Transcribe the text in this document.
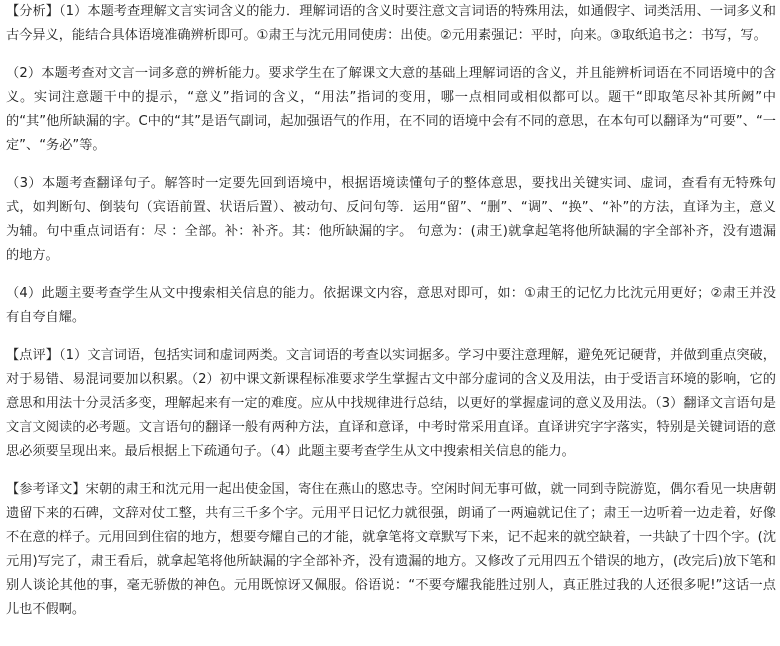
【分析】（1）本题考查理解文言实词含义的能力．理解词语的含义时要注意文言词语的特殊用法，如通假字、词类活用、一词多义和古今异义，能结合具体语境准确辨析即可。①肃王与沈元用同使虏：出使。②元用素强记：平时，向来。③取纸追书之：书写，写。

（2）本题考查对文言一词多意的辨析能力。要求学生在了解课文大意的基础上理解词语的含义，并且能辨析词语在不同语境中的含义。实词注意题干中的提示，“意义”指词的含义，“用法”指词的变用，哪一点相同或相似都可以。题干“即取笔尽补其所阙”中的“其”他所缺漏的字。C中的“其”是语气副词，起加强语气的作用，在不同的语境中会有不同的意思，在本句可以翻译为“可要”、“一定”、“务必”等。

（3）本题考查翻译句子。解答时一定要先回到语境中，根据语境读懂句子的整体意思，要找出关键实词、虚词，查看有无特殊句式，如判断句、倒装句（宾语前置、状语后置）、被动句、反问句等．运用“留”、“删”、“调”、“换”、“补”的方法，直译为主，意义为辅。句中重点词语有：尽 ：全部。补：补齐。其：他所缺漏的字。 句意为：(肃王)就拿起笔将他所缺漏的字全部补齐，没有遗漏的地方。

（4）此题主要考查学生从文中搜索相关信息的能力。依据课文内容，意思对即可，如：①肃王的记忆力比沈元用更好；②肃王并没有自夸自耀。

【点评】（1）文言词语，包括实词和虚词两类。文言词语的考查以实词据多。学习中要注意理解，避免死记硬背，并做到重点突破，对于易错、易混词要加以积累。（2）初中课文新课程标准要求学生掌握古文中部分虚词的含义及用法，由于受语言环境的影响，它的意思和用法十分灵活多变，理解起来有一定的难度。应从中找规律进行总结，以更好的掌握虚词的意义及用法。（3）翻译文言语句是文言文阅读的必考题。文言语句的翻译一般有两种方法，直译和意译，中考时常采用直译。直译讲究字字落实，特别是关键词语的意思必须要呈现出来。最后根据上下疏通句子。（4）此题主要考查学生从文中搜索相关信息的能力。

【参考译文】宋朝的肃王和沈元用一起出使金国，寄住在燕山的愍忠寺。空闲时间无事可做，就一同到寺院游览，偶尔看见一块唐朝遗留下来的石碑，文辞对仗工整，共有三千多个字。元用平日记忆力就很强，朗诵了一两遍就记住了；肃王一边听着一边走着，好像不在意的样子。元用回到住宿的地方，想要夸耀自己的才能，就拿笔将文章默写下来，记不起来的就空缺着，一共缺了十四个字。(沈元用)写完了，肃王看后，就拿起笔将他所缺漏的字全部补齐，没有遗漏的地方。又修改了元用四五个错误的地方，(改完后)放下笔和别人谈论其他的事，毫无骄傲的神色。元用既惊讶又佩服。俗语说：“不要夸耀我能胜过别人，真正胜过我的人还很多呢!”这话一点儿也不假啊。
